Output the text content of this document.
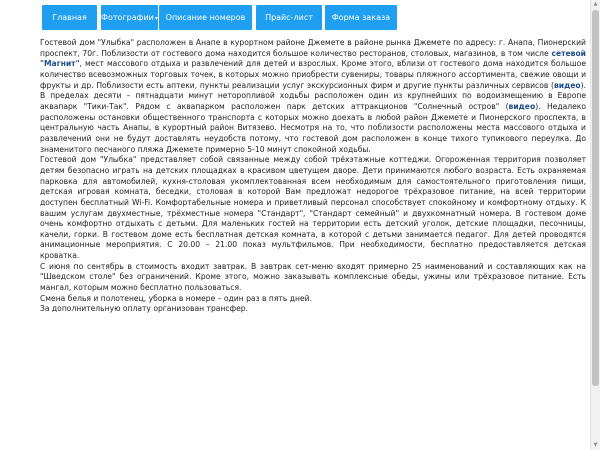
Главная	Фотографии▾ Описание номеров	Прайс-лист	Форма заказа

Гостевой дом "Улыбка" расположен в Анапе в курортном районе Джемете в районе рынка Джемете по адресу: г. Анапа, Пионерский проспект, 70г. Поблизости от гостевого дома находится большое количество ресторанов, столовых, магазинов, в том числе сетевой "Магнит", мест массового отдыха и развлечений для детей и взрослых. Кроме этого, вблизи от гостевого дома находится большое количество всевозможных торговых точек, в которых можно приобрести сувениры, товары пляжного ассортимента, свежие овощи и фрукты и др. Поблизости есть аптеки, пункты реализации услуг экскурсионных фирм и другие пункты различных сервисов (видео). В пределах десяти – пятнадцати минут неторопливой ходьбы расположен один из крупнейших по водоизмещению в Европе аквапарк "Тики-Так". Рядом с аквапарком расположен парк детских аттракционов "Солнечный остров" (видео). Недалеко расположены остановки общественного транспорта с которых можно доехать в любой район Джемете и Пионерского проспекта, в центральную часть Анапы, в курортный район Витязево. Несмотря на то, что поблизости расположены места массового отдыха и развлечений они не будут доставлять неудобств потому, что гостевой дом расположен в конце тихого тупикового переулка. До знаменитого песчаного пляжа Джемете примерно 5-10 минут спокойной ходьбы.

Гостевой дом "Улыбка" представляет собой связанные между собой трёхэтажные коттеджи. Огороженная территория позволяет детям безопасно играть на детских площадках в красивом цветущем дворе. Дети принимаются любого возраста. Есть охраняемая парковка для автомобилей, кухня-столовая укомплектованная всем необходимым для самостоятельного приготовления пищи, детская игровая комната, беседки, столовая в которой Вам предложат недорогое трёхразовое питание, на всей территории доступен бесплатный Wi-Fi. Комфортабельные номера и приветливый персонал способствует спокойному и комфортному отдыху. К вашим услугам двухместные, трёхместные номера "Стандарт", "Стандарт семейный" и двухкомнатный номера. В гостевом доме очень комфортно отдыхать с детьми. Для маленьких гостей на территории есть детский уголок, детские площадки, песочницы, качели, горки. В гостевом доме есть бесплатная детская комната, в которой с детьми занимается педагог. Для детей проводятся анимационные мероприятия. С 20.00 – 21.00 показ мультфильмов. При необходимости, бесплатно предоставляется детская кроватка.

С июня по сентябрь в стоимость входит завтрак. В завтрак сет-меню входят примерно 25 наименований и составляющих как на "Шведском столе" без ограничений. Кроме этого, можно заказывать комплексные обеды, ужины или трёхразовое питание. Есть мангал, которым можно бесплатно пользоваться.

Смена белья и полотенец, уборка в номере – один раз в пять дней.

За дополнительную оплату организован трансфер.

▲
▼
